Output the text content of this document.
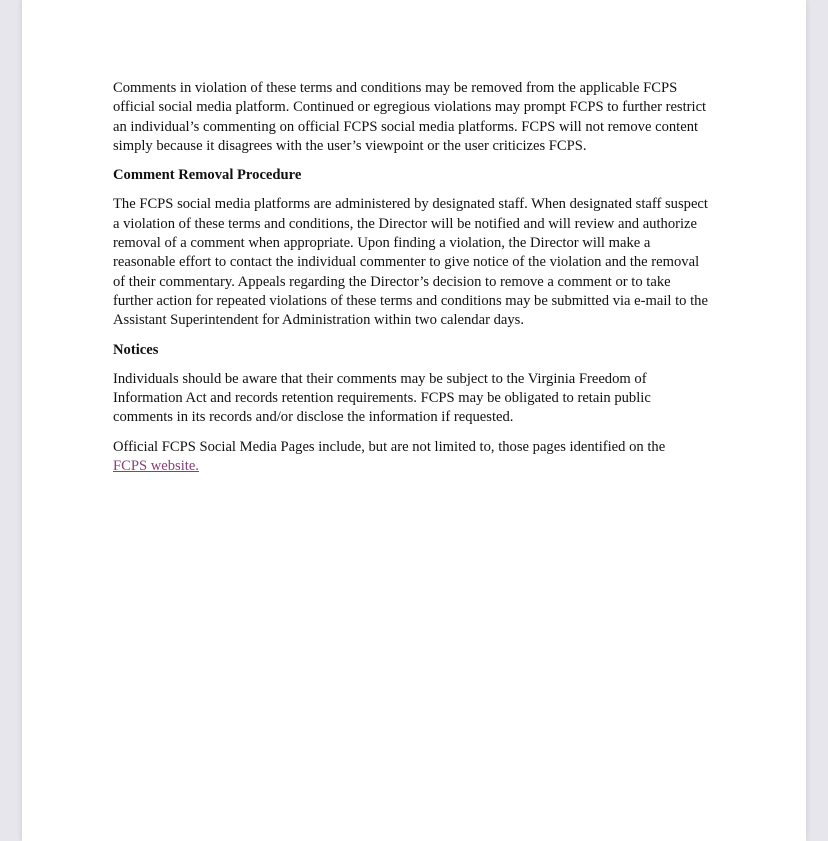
Comments in violation of these terms and conditions may be removed from the applicable FCPS official social media platform. Continued or egregious violations may prompt FCPS to further restrict an individual’s commenting on official FCPS social media platforms. FCPS will not remove content simply because it disagrees with the user’s viewpoint or the user criticizes FCPS.

Comment Removal Procedure

The FCPS social media platforms are administered by designated staff. When designated staff suspect a violation of these terms and conditions, the Director will be notified and will review and authorize removal of a comment when appropriate. Upon finding a violation, the Director will make a reasonable effort to contact the individual commenter to give notice of the violation and the removal of their commentary. Appeals regarding the Director’s decision to remove a comment or to take further action for repeated violations of these terms and conditions may be submitted via e-mail to the Assistant Superintendent for Administration within two calendar days.

Notices

Individuals should be aware that their comments may be subject to the Virginia Freedom of Information Act and records retention requirements. FCPS may be obligated to retain public comments in its records and/or disclose the information if requested.

Official FCPS Social Media Pages include, but are not limited to, those pages identified on the
FCPS website.
